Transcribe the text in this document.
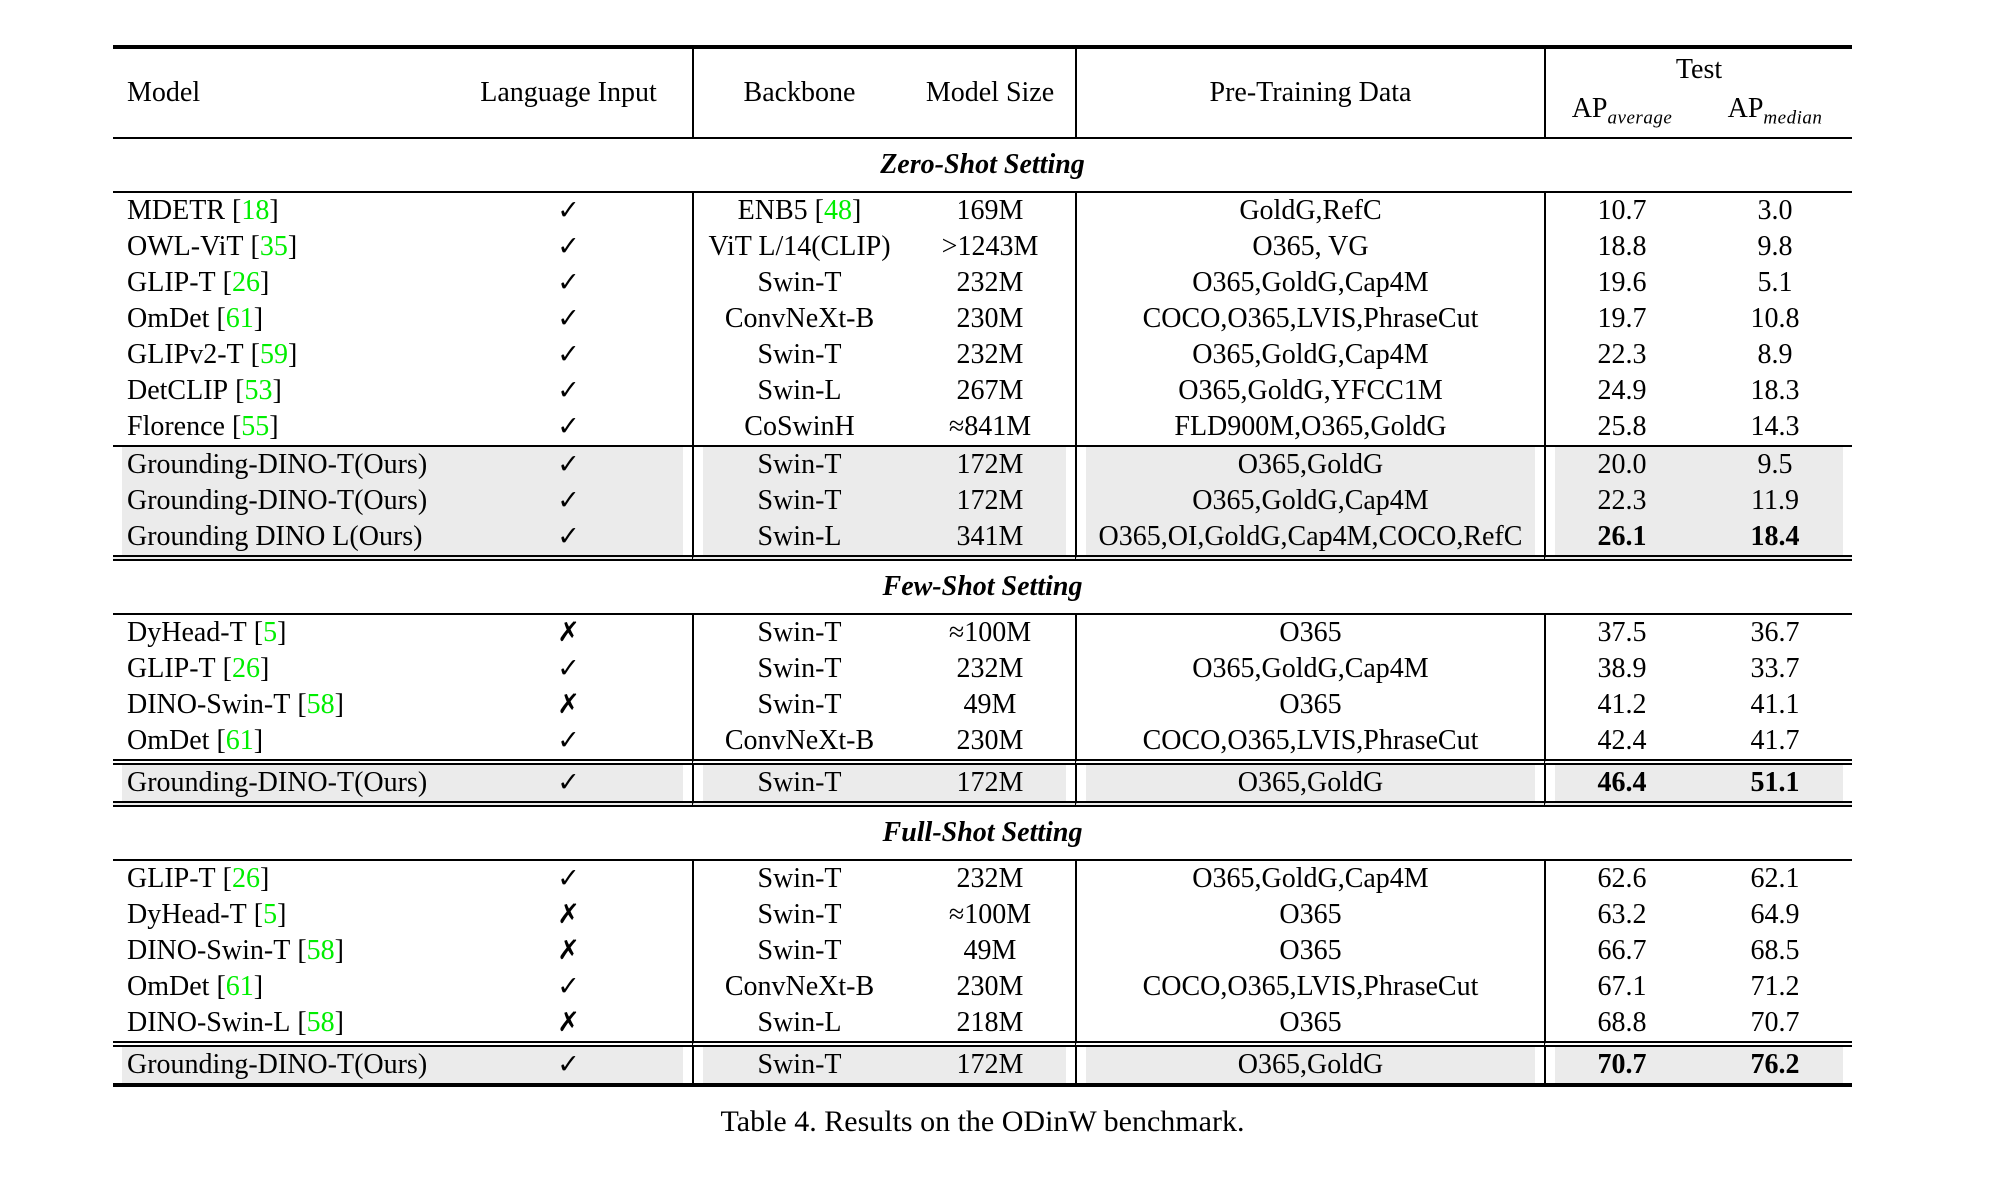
Model	Language Input	Backbone	Model Size	Pre-Training Data	Test	
					$AP_{average}$	$AP_{median}$
Zero-Shot Setting						
MDETR [ 18 ]	✓	ENB5 [ 48 ]	169M	GoldG,RefC	10.7	3.0
OWL-ViT [ 35 ]	✓	ViT L/14(CLIP)	>1243M	O365, VG	18.8	9.8
GLIP-T [ 26 ]	✓	Swin-T	232M	O365,GoldG,Cap4M	19.6	5.1
OmDet [ 61 ]	✓	ConvNeXt-B	230M	COCO,O365,LVIS,PhraseCut	19.7	10.8
GLIPv2-T [ 59 ]	✓	Swin-T	232M	O365,GoldG,Cap4M	22.3	8.9
DetCLIP [ 53 ]	✓	Swin-L	267M	O365,GoldG,YFCC1M	24.9	18.3
Florence [ 55 ]	✓	CoSwinH	≈841M	FLD900M,O365,GoldG	25.8	14.3
Grounding-DINO-T(Ours)	✓	Swin-T	172M	O365,GoldG	20.0	9.5
Grounding-DINO-T(Ours)	✓	Swin-T	172M	O365,GoldG,Cap4M	22.3	11.9
Grounding DINO L(Ours)	✓	Swin-L	341M	O365,OI,GoldG,Cap4M,COCO,RefC	26.1	18.4
Few-Shot Setting						
DyHead-T [ 5 ]	✗	Swin-T	≈100M	O365	37.5	36.7
GLIP-T [ 26 ]	✓	Swin-T	232M	O365,GoldG,Cap4M	38.9	33.7
DINO-Swin-T [ 58 ]	✗	Swin-T	49M	O365	41.2	41.1
OmDet [ 61 ]	✓	ConvNeXt-B	230M	COCO,O365,LVIS,PhraseCut	42.4	41.7
Grounding-DINO-T(Ours)	✓	Swin-T	172M	O365,GoldG	46.4	51.1
Full-Shot Setting						
GLIP-T [ 26 ]	✓	Swin-T	232M	O365,GoldG,Cap4M	62.6	62.1
DyHead-T [ 5 ]	✗	Swin-T	≈100M	O365	63.2	64.9
DINO-Swin-T [ 58 ]	✗	Swin-T	49M	O365	66.7	68.5
OmDet [ 61 ]	✓	ConvNeXt-B	230M	COCO,O365,LVIS,PhraseCut	67.1	71.2
DINO-Swin-L [ 58 ]	✗	Swin-L	218M	O365	68.8	70.7
Grounding-DINO-T(Ours)	✓	Swin-T	172M	O365,GoldG	70.7	76.2
Table 4. Results on the ODinW benchmark.
